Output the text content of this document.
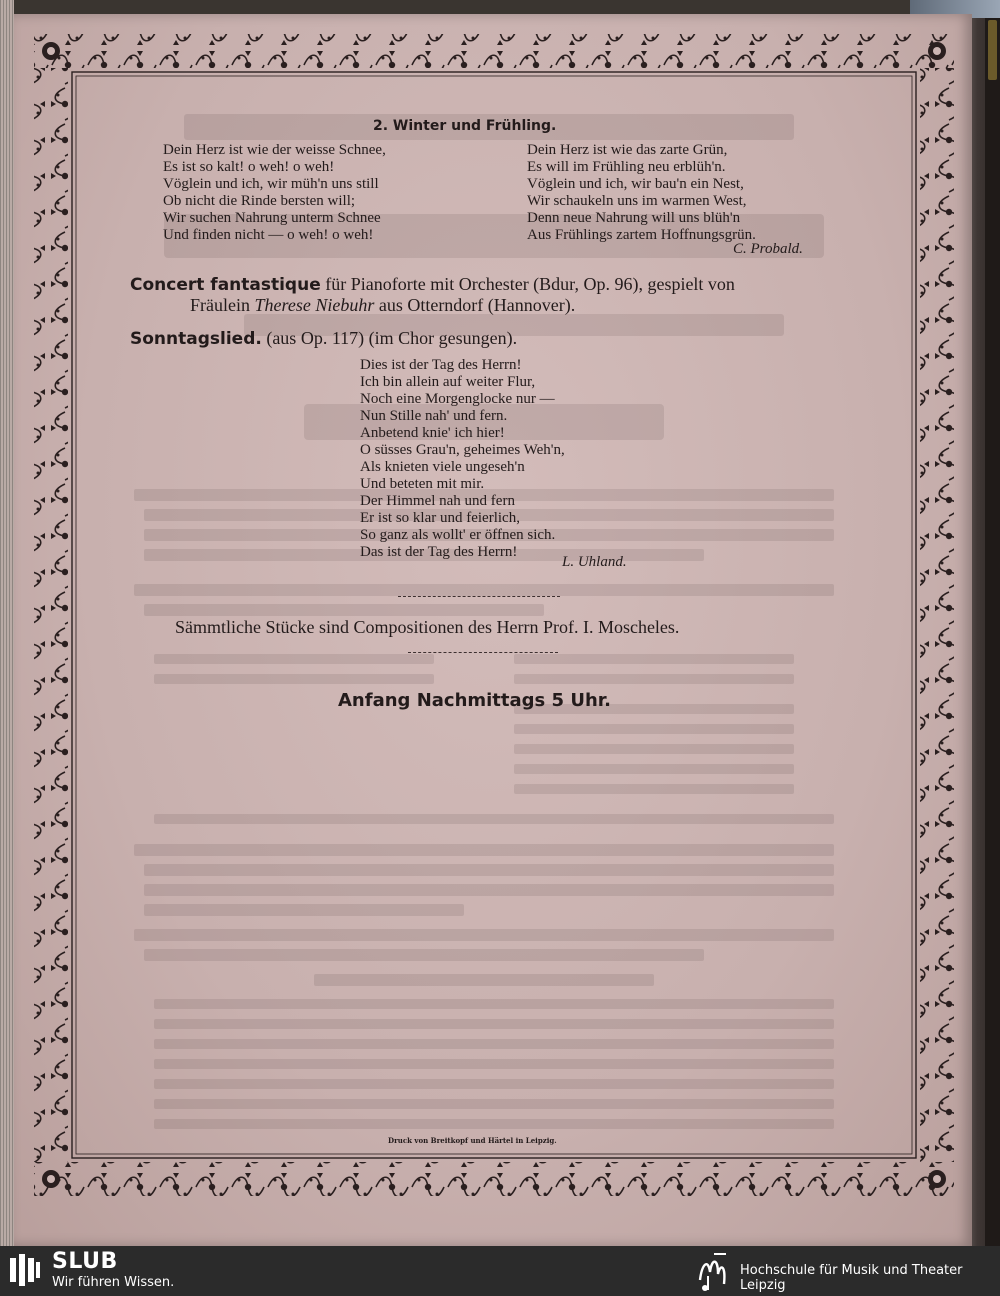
2. Winter und Frühling.
Dein Herz ist wie der weisse Schnee,
Es ist so kalt! o weh! o weh!
Vöglein und ich, wir müh'n uns still
Ob nicht die Rinde bersten will;
Wir suchen Nahrung unterm Schnee
Und finden nicht — o weh! o weh!
Dein Herz ist wie das zarte Grün,
Es will im Frühling neu erblüh'n.
Vöglein und ich, wir bau'n ein Nest,
Wir schaukeln uns im warmen West,
Denn neue Nahrung will uns blüh'n
Aus Frühlings zartem Hoffnungsgrün.
C. Probald.
Concert fantastique für Pianoforte mit Orchester (Bdur, Op. 96), gespielt von
Fräulein Therese Niebuhr aus Otterndorf (Hannover).
Sonntagslied. (aus Op. 117) (im Chor gesungen).
Dies ist der Tag des Herrn!
Ich bin allein auf weiter Flur,
Noch eine Morgenglocke nur —
Nun Stille nah' und fern.
Anbetend knie' ich hier!
O süsses Grau'n, geheimes Weh'n,
Als knieten viele ungeseh'n
Und beteten mit mir.
Der Himmel nah und fern
Er ist so klar und feierlich,
So ganz als wollt' er öffnen sich.
Das ist der Tag des Herrn!
L. Uhland.
Sämmtliche Stücke sind Compositionen des Herrn Prof. I. Moscheles.
Anfang Nachmittags 5 Uhr.
Druck von Breitkopf und Härtel in Leipzig.
SLUB
Wir führen Wissen.
Hochschule für Musik und Theater Leipzig
